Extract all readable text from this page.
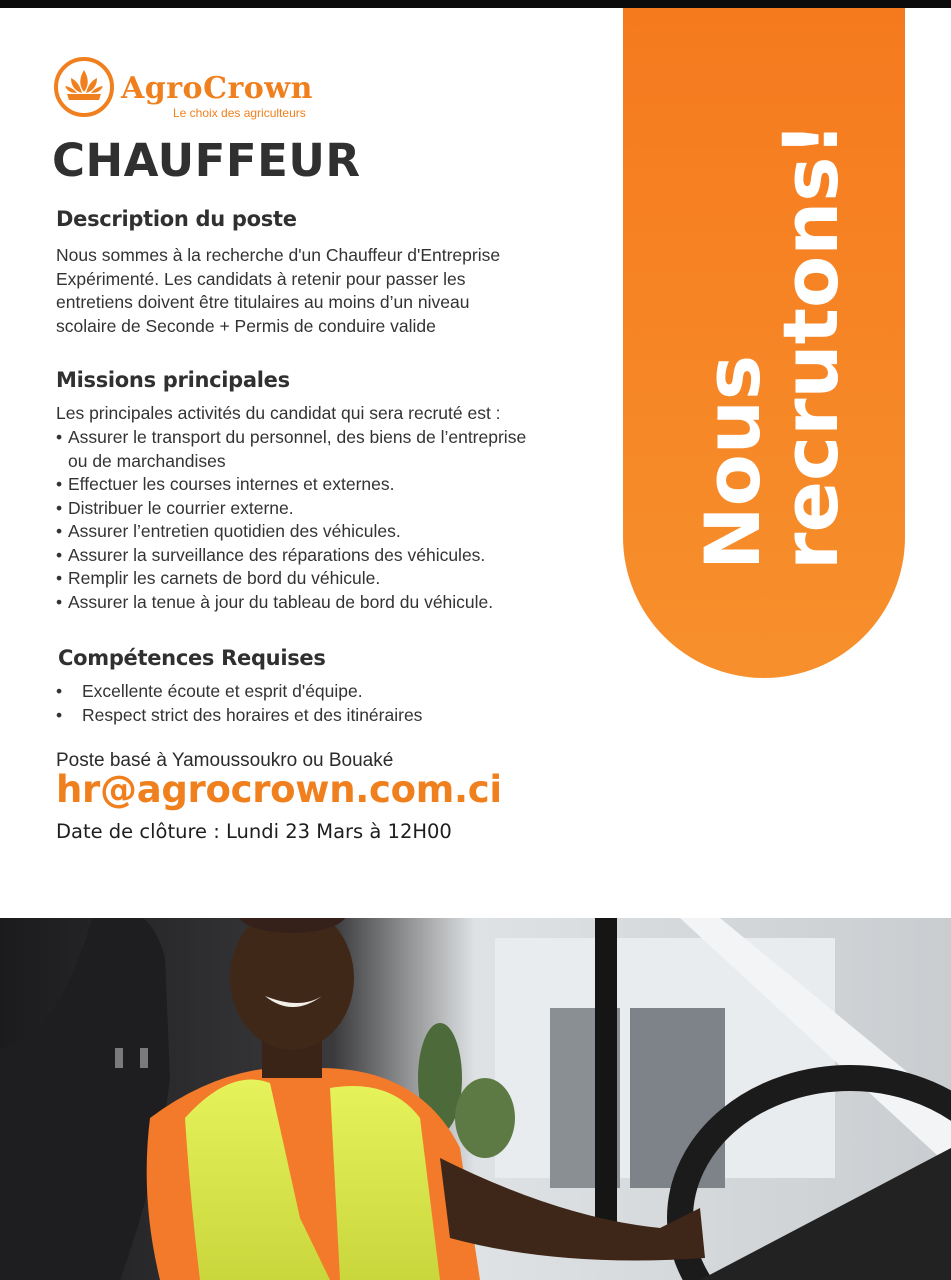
AgroCrown
Le choix des agriculteurs
CHAUFFEUR
Description du poste
Nous sommes à la recherche d'un Chauffeur d'Entreprise
Expérimenté. Les candidats à retenir pour passer les
entretiens doivent être titulaires au moins d’un niveau
scolaire de Seconde + Permis de conduire valide
Missions principales
Les principales activités du candidat qui sera recruté est :
• Assurer le transport du personnel, des biens de l’entreprise
ou de marchandises
• Effectuer les courses internes et externes.
• Distribuer le courrier externe.
• Assurer l’entretien quotidien des véhicules.
• Assurer la surveillance des réparations des véhicules.
• Remplir les carnets de bord du véhicule.
• Assurer la tenue à jour du tableau de bord du véhicule.
Compétences Requises
• Excellente écoute et esprit d'équipe.
• Respect strict des horaires et des itinéraires
Poste basé à Yamoussoukro ou Bouaké
hr@agrocrown.com.ci
Date de clôture : Lundi 23 Mars à 12H00
Nous
recrutons!
